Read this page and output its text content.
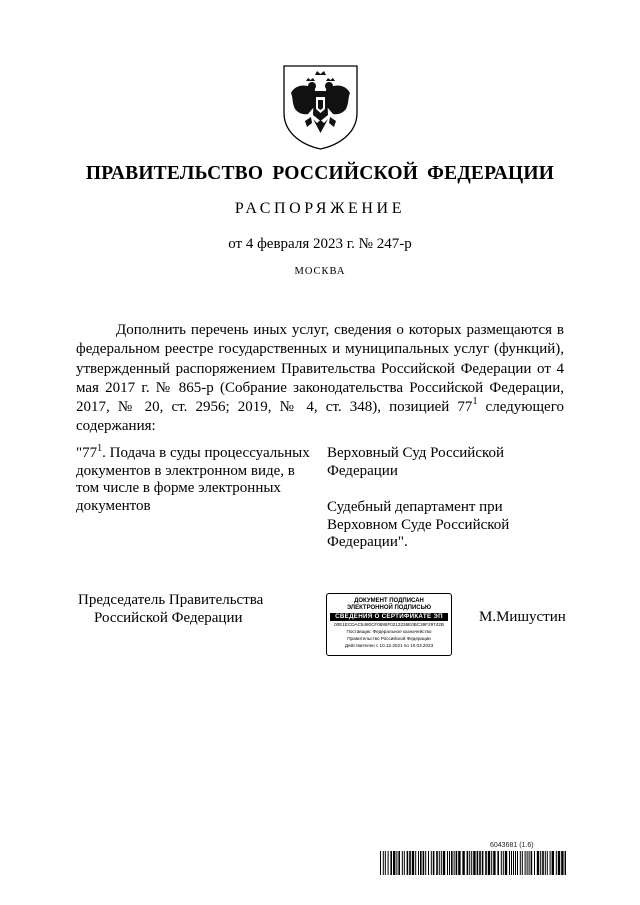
ПРАВИТЕЛЬСТВО РОССИЙСКОЙ ФЕДЕРАЦИИ
РАСПОРЯЖЕНИЕ
от 4 февраля 2023 г. № 247-р
МОСКВА

Дополнить перечень иных услуг, сведения о которых размещаются в федеральном реестре государственных и муниципальных услуг (функций), утвержденный распоряжением Правительства Российской Федерации от 4 мая 2017 г. № 865-р (Собрание законодательства Российской Федерации, 2017, № 20, ст. 2956; 2019, № 4, ст. 348), позицией $77^1$ следующего содержания:

"$77^1$. Подача в суды процессуальных документов в электронном виде, в том числе в форме электронных документов
Верховный Суд Российской Федерации
Судебный департамент при Верховном Суде Российской Федерации".
Председатель Правительства
Российской Федерации
ДОКУМЕНТ ПОДПИСАН
ЭЛЕКТРОННОЙ ПОДПИСЬЮ
СВЕДЕНИЯ О СЕРТИФИКАТЕ ЭП
00E1ECDAC5480CF0888F0213236E0BC39F29742B
Поставщик: Федеральное казначейство
Правительство Российской Федерации
Действителен с 10.12.2021 по 10.03.2023
М.Мишустин
6043681 (1.6)
